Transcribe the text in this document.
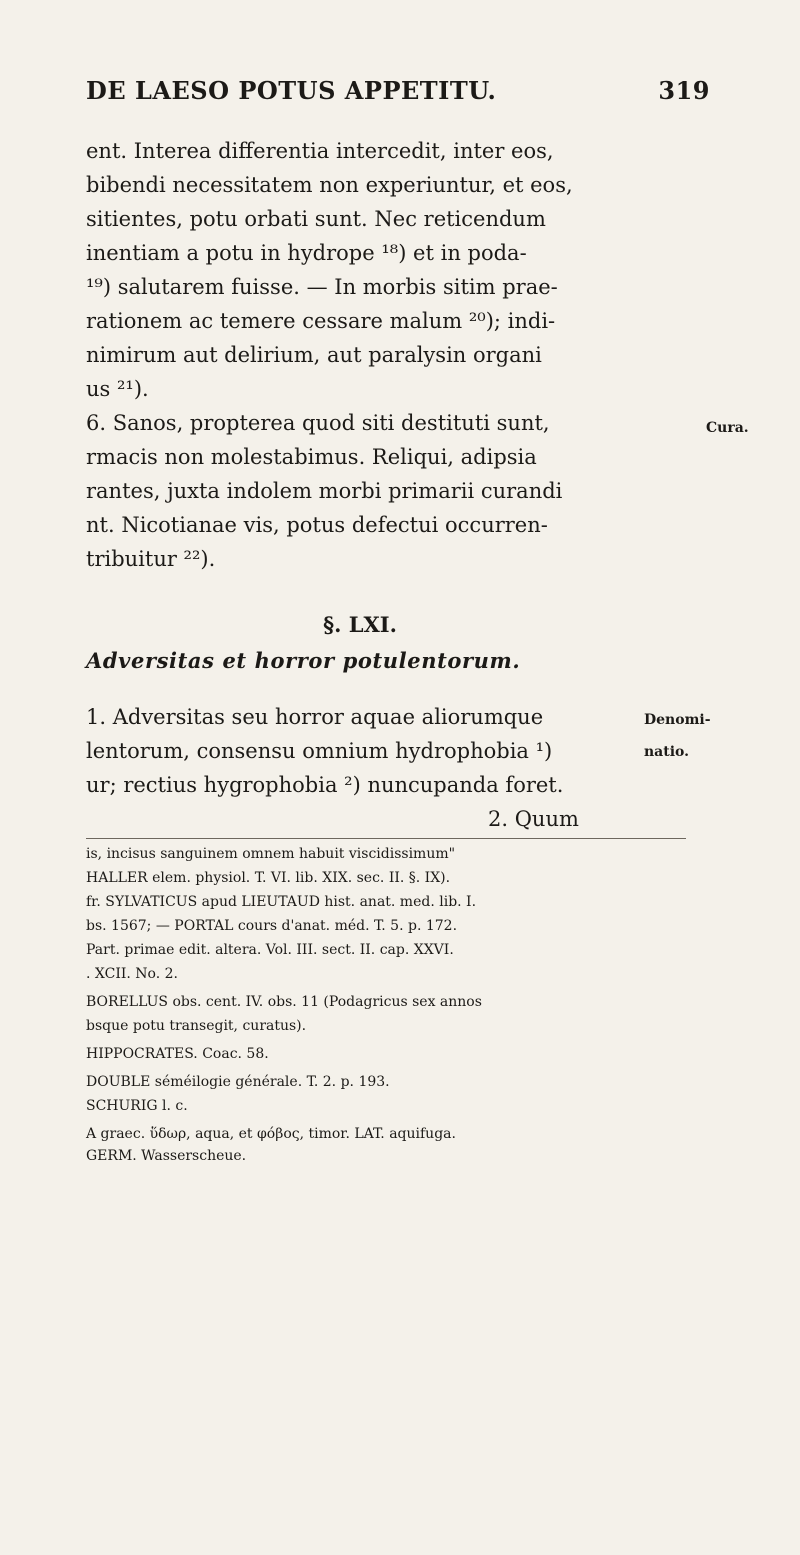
DE LAESO POTUS APPETITU.	319
ent. Interea differentia intercedit, inter eos,
bibendi necessitatem non experiuntur, et eos,
sitientes, potu orbati sunt. Nec reticendum
inentiam a potu in hydrope ¹⁸) et in poda-
¹⁹) salutarem fuisse. — In morbis sitim prae-
rationem ac temere cessare malum ²⁰); indi-
nimirum aut delirium, aut paralysin organi
us ²¹).
6. Sanos, propterea quod siti destituti sunt,
rmacis non molestabimus. Reliqui, adipsia
rantes, juxta indolem morbi primarii curandi
nt. Nicotianae vis, potus defectui occurren-
tribuitur ²²).
Cura.
§. LXI.
Adversitas et horror potulentorum.
1. Adversitas seu horror aquae aliorumque
lentorum, consensu omnium hydrophobia ¹)
ur; rectius hygrophobia ²) nuncupanda foret.
2. Quum
Denomi-
natio.
is, incisus sanguinem omnem habuit viscidissimum"
HALLER elem. physiol. T. VI. lib. XIX. sec. II. §. IX).
fr. SYLVATICUS apud LIEUTAUD hist. anat. med. lib. I.
bs. 1567; — PORTAL cours d'anat. méd. T. 5. p. 172.
Part. primae edit. altera. Vol. III. sect. II. cap. XXVI.
. XCII. No. 2.
BORELLUS obs. cent. IV. obs. 11 (Podagricus sex annos
bsque potu transegit, curatus).
HIPPOCRATES. Coac. 58.
DOUBLE séméilogie générale. T. 2. p. 193.
SCHURIG l. c.
A graec. ὕδωρ, aqua, et φόβος, timor. LAT. aquifuga.
GERM. Wasserscheue.
